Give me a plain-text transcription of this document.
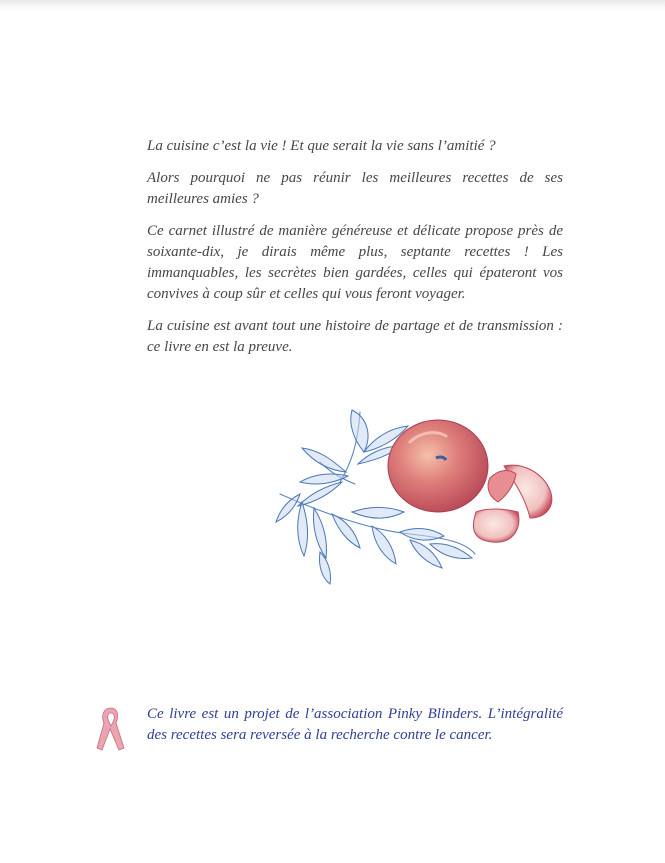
La cuisine c’est la vie ! Et que serait la vie sans l’amitié ?

Alors pourquoi ne pas réunir les meilleures recettes de ses meilleures amies ?

Ce carnet illustré de manière généreuse et délicate propose près de soixante-dix, je dirais même plus, septante recettes ! Les immanquables, les secrètes bien gardées, celles qui épateront vos convives à coup sûr et celles qui vous feront voyager.

La cuisine est avant tout une histoire de partage et de transmission : ce livre en est la preuve.

Ce livre est un projet de l’association Pinky Blinders. L’intégralité des recettes sera reversée à la recherche contre le cancer.
